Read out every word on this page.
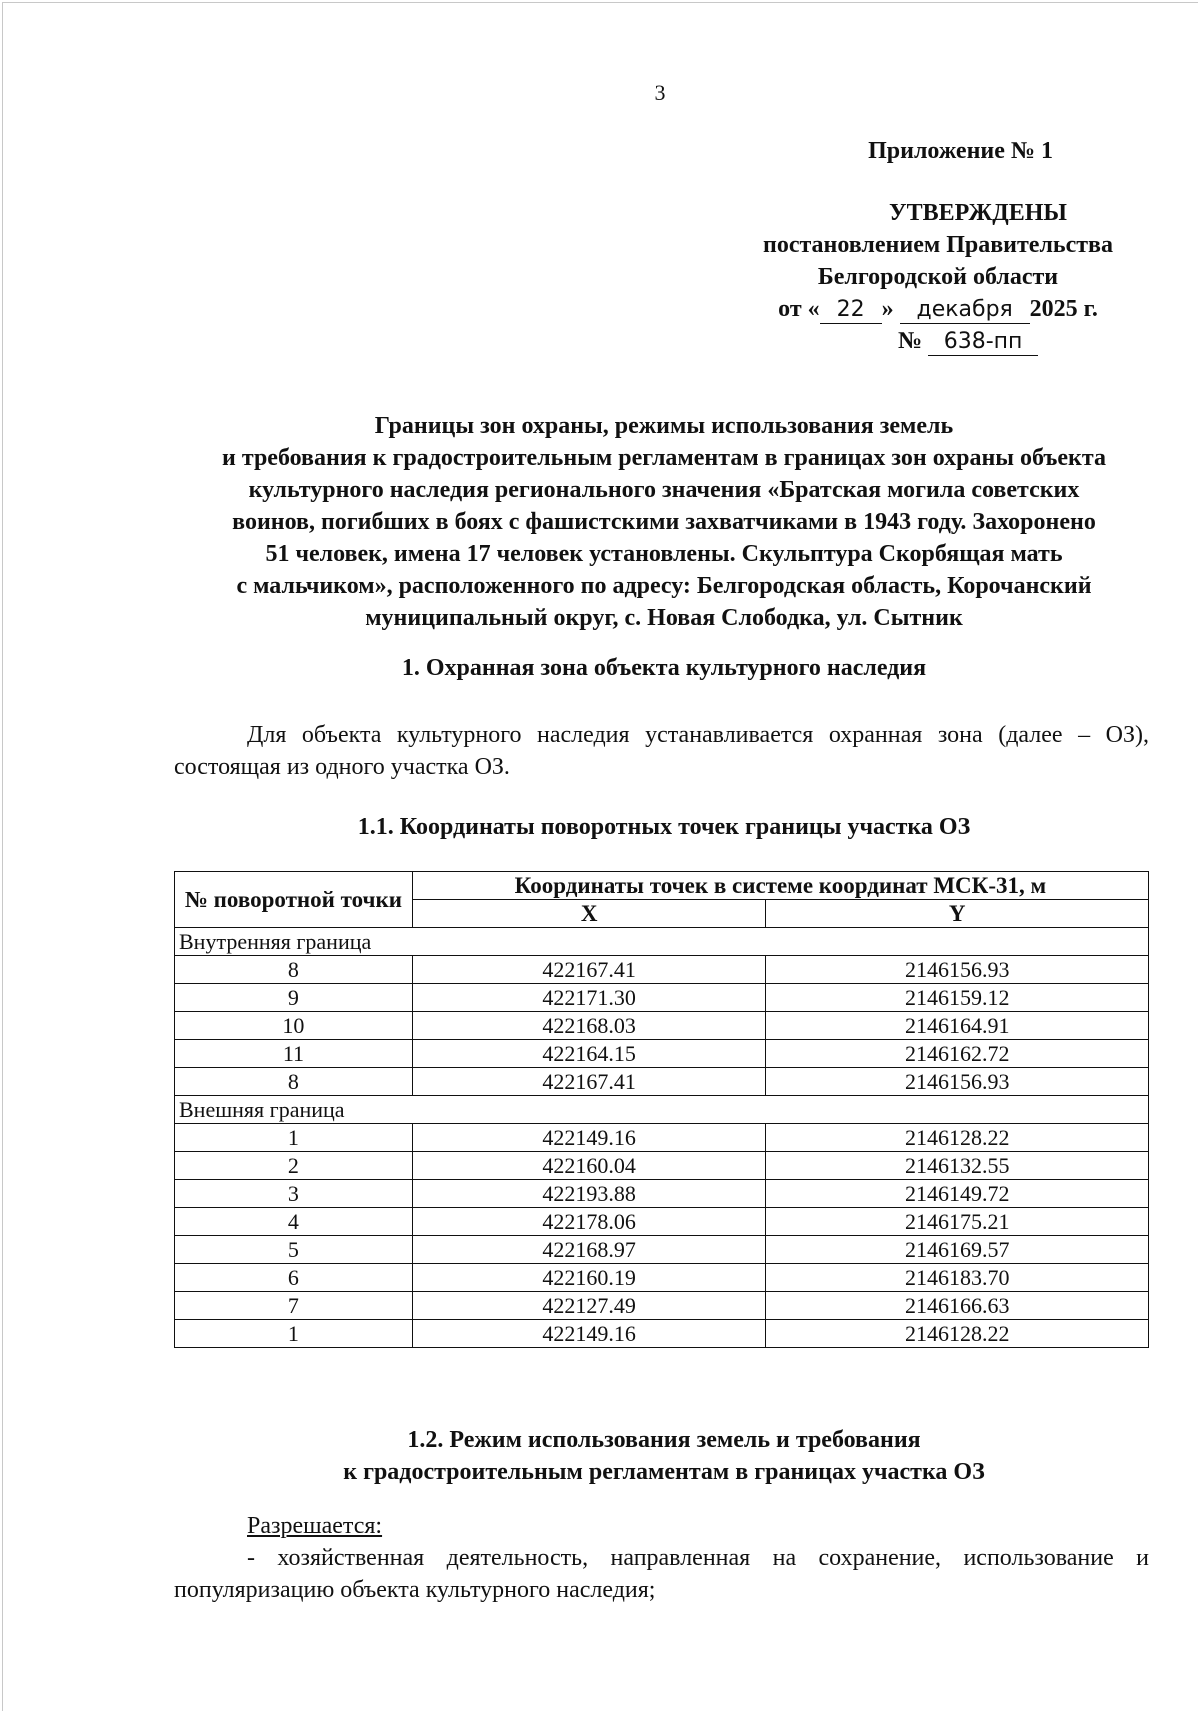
3
Приложение № 1
УТВЕРЖДЕНЫ
постановлением Правительства
Белгородской области
от « 22 » декабря 2025 г.
№ 638-пп
Границы зон охраны, режимы использования земель
и требования к градостроительным регламентам в границах зон охраны объекта
культурного наследия регионального значения «Братская могила советских
воинов, погибших в боях с фашистскими захватчиками в 1943 году. Захоронено
51 человек, имена 17 человек установлены. Скульптура Скорбящая мать
с мальчиком», расположенного по адресу: Белгородская область, Корочанский
муниципальный округ, с. Новая Слободка, ул. Сытник
1. Охранная зона объекта культурного наследия
Для объекта культурного наследия устанавливается охранная зона (далее – ОЗ), состоящая из одного участка ОЗ.
1.1. Координаты поворотных точек границы участка ОЗ
№ поворотной точки	Координаты точек в системе координат МСК-31, м	
	X	Y
Внутренняя граница		
8	422167.41	2146156.93
9	422171.30	2146159.12
10	422168.03	2146164.91
11	422164.15	2146162.72
8	422167.41	2146156.93
Внешняя граница		
1	422149.16	2146128.22
2	422160.04	2146132.55
3	422193.88	2146149.72
4	422178.06	2146175.21
5	422168.97	2146169.57
6	422160.19	2146183.70
7	422127.49	2146166.63
1	422149.16	2146128.22
1.2. Режим использования земель и требования
к градостроительным регламентам в границах участка ОЗ
Разрешается:
- хозяйственная деятельность, направленная на сохранение, использование и популяризацию объекта культурного наследия;
